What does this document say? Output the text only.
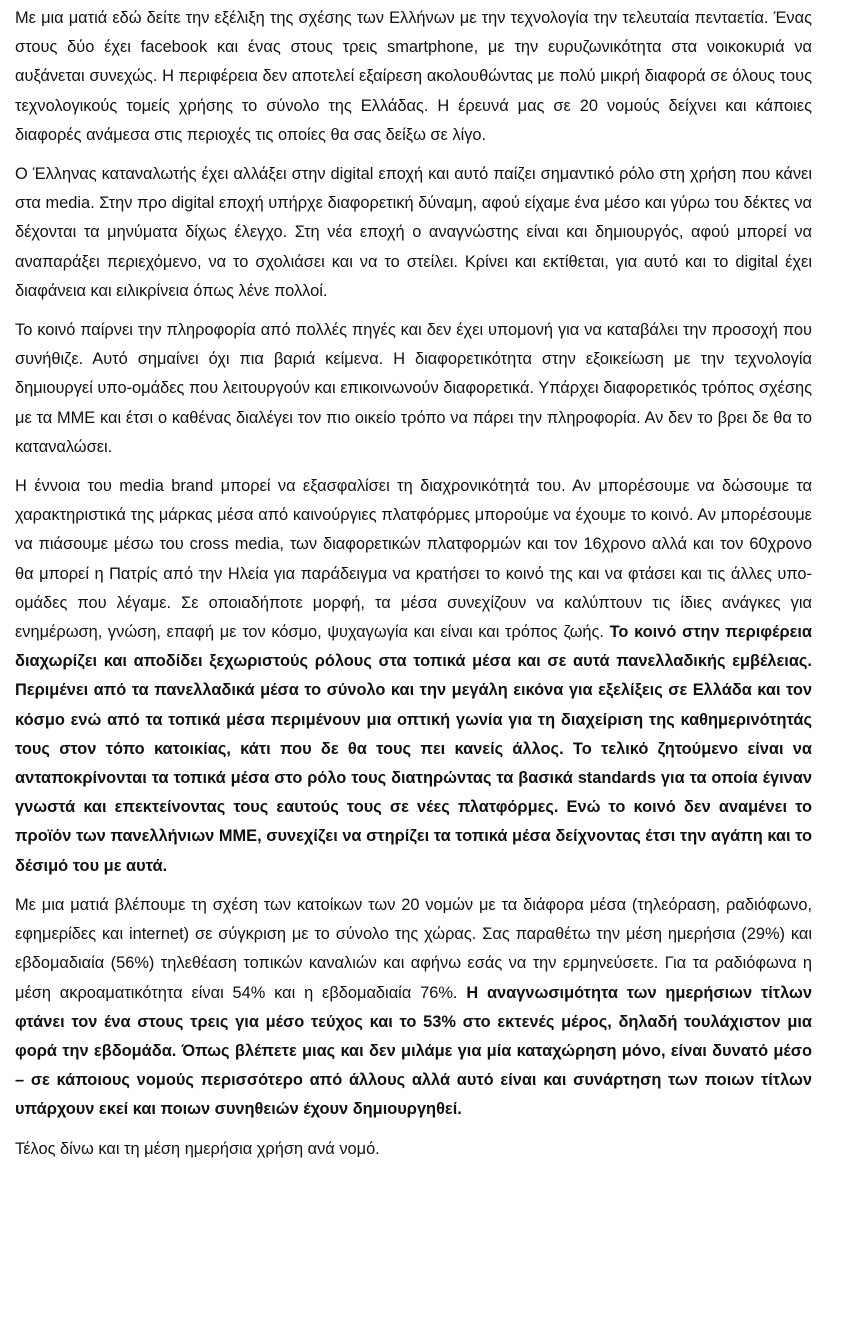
Με μια ματιά εδώ δείτε την εξέλιξη της σχέσης των Ελλήνων με την τεχνολογία την τελευταία πενταετία. Ένας στους δύο έχει facebook και ένας στους τρεις smartphone, με την ευρυζωνικότητα στα νοικοκυριά να αυξάνεται συνεχώς. Η περιφέρεια δεν αποτελεί εξαίρεση ακολουθώντας με πολύ μικρή διαφορά σε όλους τους τεχνολογικούς τομείς χρήσης το σύνολο της Ελλάδας. Η έρευνά μας σε 20 νομούς δείχνει και κάποιες διαφορές ανάμεσα στις περιοχές τις οποίες θα σας δείξω σε λίγο.

Ο Έλληνας καταναλωτής έχει αλλάξει στην digital εποχή και αυτό παίζει σημαντικό ρόλο στη χρήση που κάνει στα media. Στην προ digital εποχή υπήρχε διαφορετική δύναμη, αφού είχαμε ένα μέσο και γύρω του δέκτες να δέχονται τα μηνύματα δίχως έλεγχο. Στη νέα εποχή ο αναγνώστης είναι και δημιουργός, αφού μπορεί να αναπαράξει περιεχόμενο, να το σχολιάσει και να το στείλει. Κρίνει και εκτίθεται, για αυτό και το digital έχει διαφάνεια και ειλικρίνεια όπως λένε πολλοί.

Το κοινό παίρνει την πληροφορία από πολλές πηγές και δεν έχει υπομονή για να καταβάλει την προσοχή που συνήθιζε. Αυτό σημαίνει όχι πια βαριά κείμενα. Η διαφορετικότητα στην εξοικείωση με την τεχνολογία δημιουργεί υπο-ομάδες που λειτουργούν και επικοινωνούν διαφορετικά. Υπάρχει διαφορετικός τρόπος σχέσης με τα ΜΜΕ και έτσι ο καθένας διαλέγει τον πιο οικείο τρόπο να πάρει την πληροφορία. Αν δεν το βρει δε θα το καταναλώσει.

Η έννοια του media brand μπορεί να εξασφαλίσει τη διαχρονικότητά του. Αν μπορέσουμε να δώσουμε τα χαρακτηριστικά της μάρκας μέσα από καινούργιες πλατφόρμες μπορούμε να έχουμε το κοινό. Αν μπορέσουμε να πιάσουμε μέσω του cross media, των διαφορετικών πλατφορμών και τον 16χρονο αλλά και τον 60χρονο θα μπορεί η Πατρίς από την Ηλεία για παράδειγμα να κρατήσει το κοινό της και να φτάσει και τις άλλες υπο-ομάδες που λέγαμε. Σε οποιαδήποτε μορφή, τα μέσα συνεχίζουν να καλύπτουν τις ίδιες ανάγκες για ενημέρωση, γνώση, επαφή με τον κόσμο, ψυχαγωγία και είναι και τρόπος ζωής. Το κοινό στην περιφέρεια διαχωρίζει και αποδίδει ξεχωριστούς ρόλους στα τοπικά μέσα και σε αυτά πανελλαδικής εμβέλειας. Περιμένει από τα πανελλαδικά μέσα το σύνολο και την μεγάλη εικόνα για εξελίξεις σε Ελλάδα και τον κόσμο ενώ από τα τοπικά μέσα περιμένουν μια οπτική γωνία για τη διαχείριση της καθημερινότητάς τους στον τόπο κατοικίας, κάτι που δε θα τους πει κανείς άλλος. Το τελικό ζητούμενο είναι να ανταποκρίνονται τα τοπικά μέσα στο ρόλο τους διατηρώντας τα βασικά standards για τα οποία έγιναν γνωστά και επεκτείνοντας τους εαυτούς τους σε νέες πλατφόρμες. Ενώ το κοινό δεν αναμένει το προϊόν των πανελλήνιων ΜΜΕ, συνεχίζει να στηρίζει τα τοπικά μέσα δείχνοντας έτσι την αγάπη και το δέσιμό του με αυτά.

Με μια ματιά βλέπουμε τη σχέση των κατοίκων των 20 νομών με τα διάφορα μέσα (τηλεόραση, ραδιόφωνο, εφημερίδες και internet) σε σύγκριση με το σύνολο της χώρας. Σας παραθέτω την μέση ημερήσια (29%) και εβδομαδιαία (56%) τηλεθέαση τοπικών καναλιών και αφήνω εσάς να την ερμηνεύσετε. Για τα ραδιόφωνα η μέση ακροαματικότητα είναι 54% και η εβδομαδιαία 76%. Η αναγνωσιμότητα των ημερήσιων τίτλων φτάνει τον ένα στους τρεις για μέσο τεύχος και το 53% στο εκτενές μέρος, δηλαδή τουλάχιστον μια φορά την εβδομάδα. Όπως βλέπετε μιας και δεν μιλάμε για μία καταχώρηση μόνο, είναι δυνατό μέσο – σε κάποιους νομούς περισσότερο από άλλους αλλά αυτό είναι και συνάρτηση των ποιων τίτλων υπάρχουν εκεί και ποιων συνηθειών έχουν δημιουργηθεί.

Τέλος δίνω και τη μέση ημερήσια χρήση ανά νομό.
